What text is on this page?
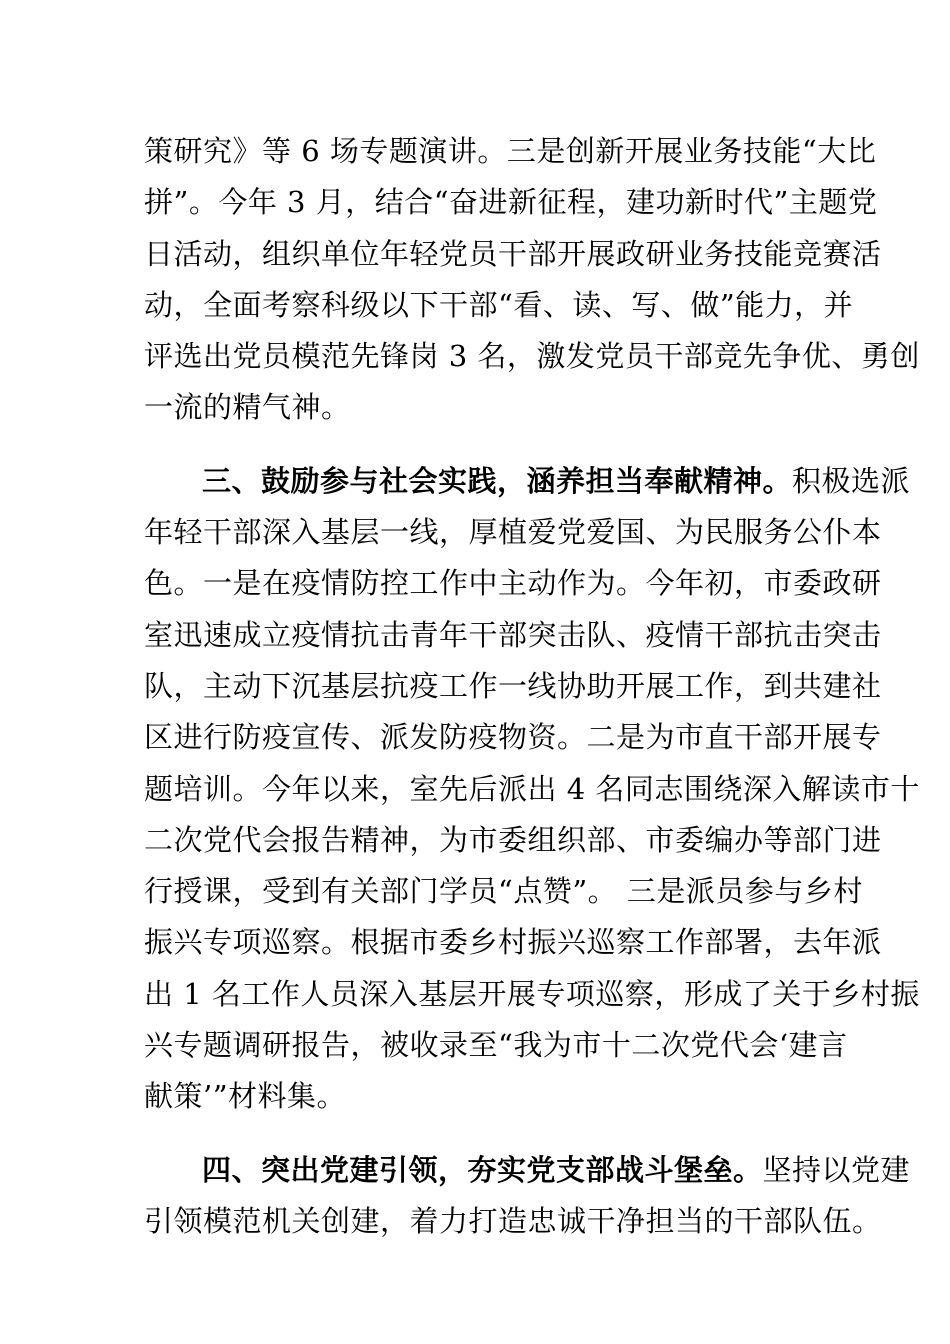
策研究》等 6 场专题演讲。三是创新开展业务技能“大比
拼”。今年 3 月，结合“奋进新征程，建功新时代”主题党
日活动，组织单位年轻党员干部开展政研业务技能竞赛活
动，全面考察科级以下干部“看、读、写、做”能力，并
评选出党员模范先锋岗 3 名，激发党员干部竞先争优、勇创
一流的精气神。
三、鼓励参与社会实践，涵养担当奉献精神。积极选派
年轻干部深入基层一线，厚植爱党爱国、为民服务公仆本
色。一是在疫情防控工作中主动作为。今年初，市委政研
室迅速成立疫情抗击青年干部突击队、疫情干部抗击突击
队，主动下沉基层抗疫工作一线协助开展工作，到共建社
区进行防疫宣传、派发防疫物资。二是为市直干部开展专
题培训。今年以来，室先后派出 4 名同志围绕深入解读市十
二次党代会报告精神，为市委组织部、市委编办等部门进
行授课，受到有关部门学员“点赞”。 三是派员参与乡村
振兴专项巡察。根据市委乡村振兴巡察工作部署，去年派
出 1 名工作人员深入基层开展专项巡察，形成了关于乡村振
兴专题调研报告，被收录至“我为市十二次党代会‘建言
献策’”材料集。
四、突出党建引领，夯实党支部战斗堡垒。坚持以党建
引领模范机关创建，着力打造忠诚干净担当的干部队伍。
